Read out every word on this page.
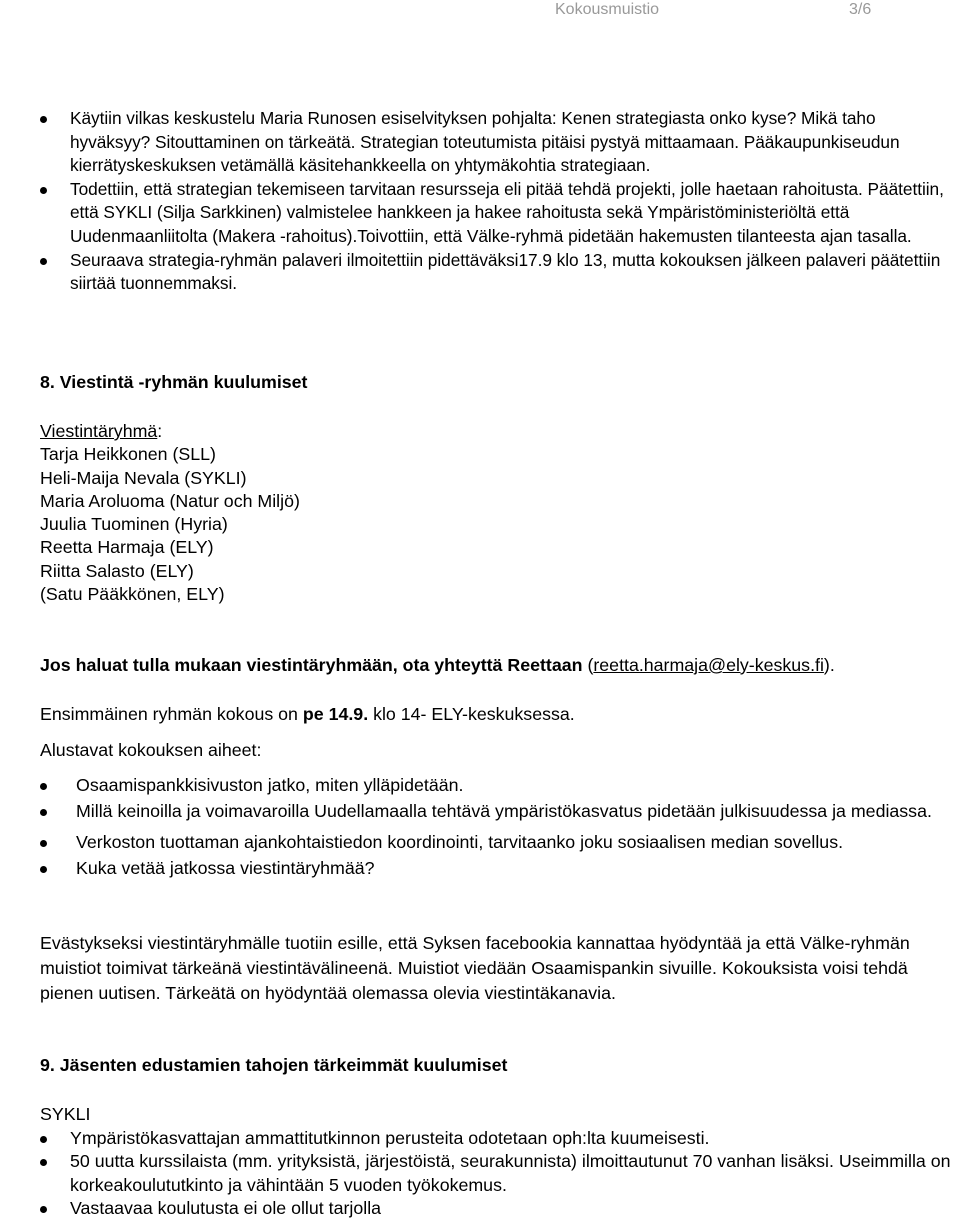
Kokousmuistio	3/6
Käytiin vilkas keskustelu Maria Runosen esiselvityksen pohjalta: Kenen strategiasta onko kyse? Mikä taho hyväksyy? Sitouttaminen on tärkeätä. Strategian toteutumista pitäisi pystyä mittaamaan. Pääkaupunkiseudun kierrätyskeskuksen vetämällä käsitehankkeella on yhtymäkohtia strategiaan.
Todettiin, että strategian tekemiseen tarvitaan resursseja eli pitää tehdä projekti, jolle haetaan rahoitusta. Päätettiin, että SYKLI (Silja Sarkkinen) valmistelee hankkeen ja hakee rahoitusta sekä Ympäristöministeriöltä että Uudenmaanliitolta (Makera -rahoitus).Toivottiin, että Välke-ryhmä pidetään hakemusten tilanteesta ajan tasalla.
Seuraava strategia-ryhmän palaveri ilmoitettiin pidettäväksi17.9 klo 13, mutta kokouksen jälkeen palaveri päätettiin siirtää tuonnemmaksi.
8. Viestintä -ryhmän kuulumiset
Viestintäryhmä:
Tarja Heikkonen (SLL)
Heli-Maija Nevala (SYKLI)
Maria Aroluoma (Natur och Miljö)
Juulia Tuominen (Hyria)
Reetta Harmaja (ELY)
Riitta Salasto (ELY)
(Satu Pääkkönen, ELY)
Jos haluat tulla mukaan viestintäryhmään, ota yhteyttä Reettaan (reetta.harmaja@ely-keskus.fi).
Ensimmäinen ryhmän kokous on pe 14.9. klo 14- ELY-keskuksessa.
Alustavat kokouksen aiheet:
Osaamispankkisivuston jatko, miten ylläpidetään.
Millä keinoilla ja voimavaroilla Uudellamaalla tehtävä ympäristökasvatus pidetään julkisuudessa ja mediassa.
Verkoston tuottaman ajankohtaistiedon koordinointi, tarvitaanko joku sosiaalisen median sovellus.
Kuka vetää jatkossa viestintäryhmää?
Evästykseksi viestintäryhmälle tuotiin esille, että Syksen facebookia kannattaa hyödyntää ja että Välke-ryhmän muistiot toimivat tärkeänä viestintävälineenä. Muistiot viedään Osaamispankin sivuille. Kokouksista voisi tehdä pienen uutisen. Tärkeätä on hyödyntää olemassa olevia viestintäkanavia.
9. Jäsenten edustamien tahojen tärkeimmät kuulumiset
SYKLI
Ympäristökasvattajan ammattitutkinnon perusteita odotetaan oph:lta kuumeisesti.
50 uutta kurssilaista (mm. yrityksistä, järjestöistä, seurakunnista) ilmoittautunut 70 vanhan lisäksi. Useimmilla on korkeakoulututkinto ja vähintään 5 vuoden työkokemus.
Vastaavaa koulutusta ei ole ollut tarjolla
